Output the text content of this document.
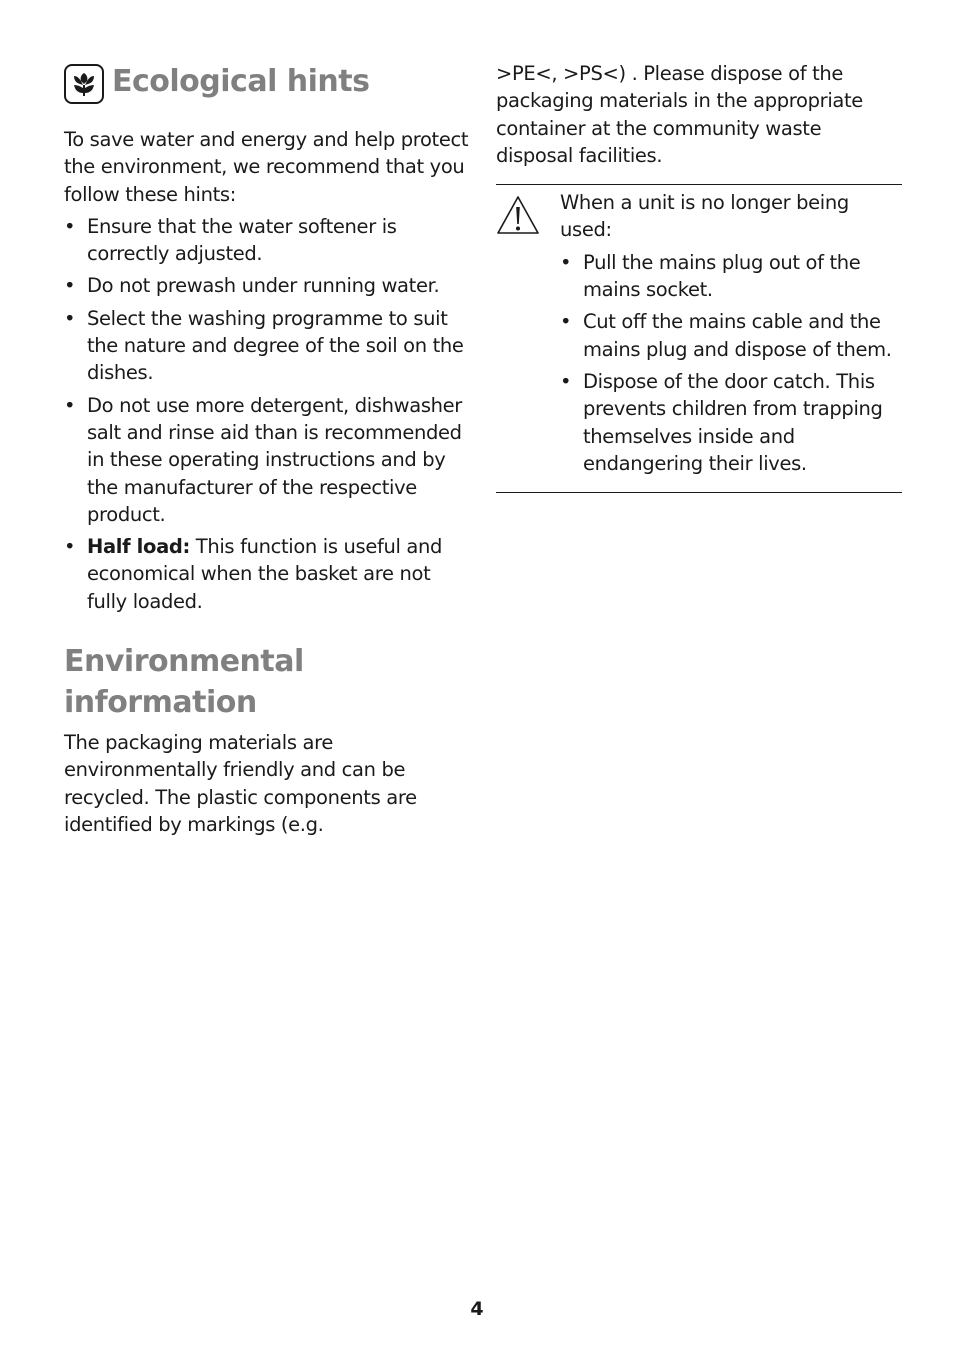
Ecological hints

To save water and energy and help protect the environment, we recommend that you follow these hints:

• Ensure that the water softener is correctly adjusted.
• Do not prewash under running water.
• Select the washing programme to suit the nature and degree of the soil on the dishes.
• Do not use more detergent, dishwasher salt and rinse aid than is recommended in these operating instructions and by the manufacturer of the respective product.
• Half load: This function is useful and economical when the basket are not fully loaded.
Environmental
information

The packaging materials are environmentally friendly and can be recycled. The plastic components are identified by markings (e.g.

>PE<, >PS<) . Please dispose of the packaging materials in the appropriate container at the community waste disposal facilities.

When a unit is no longer being used:

• Pull the mains plug out of the mains socket.
• Cut off the mains cable and the mains plug and dispose of them.
• Dispose of the door catch. This prevents children from trapping themselves inside and endangering their lives.
4
